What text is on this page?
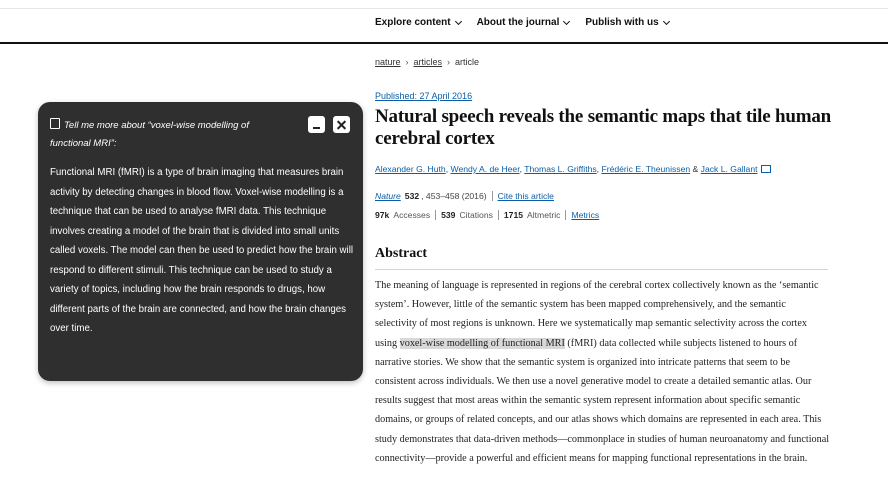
Explore content	About the journal	Publish with us
nature › articles › article
Published: 27 April 2016
Natural speech reveals the semantic maps that tile human cerebral cortex
Alexander G. Huth, Wendy A. de Heer, Thomas L. Griffiths, Frédéric E. Theunissen & Jack L. Gallant
Nature 532 , 453–458 (2016) Cite this article
97k Accesses 539 Citations 1715 Altmetric Metrics
Abstract

The meaning of language is represented in regions of the cerebral cortex collectively known as the ‘semantic system’. However, little of the semantic system has been mapped comprehensively, and the semantic selectivity of most regions is unknown. Here we systematically map semantic selectivity across the cortex using voxel-wise modelling of functional MRI (fMRI) data collected while subjects listened to hours of narrative stories. We show that the semantic system is organized into intricate patterns that seem to be consistent across individuals. We then use a novel generative model to create a detailed semantic atlas. Our results suggest that most areas within the semantic system represent information about specific semantic domains, or groups of related concepts, and our atlas shows which domains are represented in each area. This study demonstrates that data-driven methods—commonplace in studies of human neuroanatomy and functional connectivity—provide a powerful and efficient means for mapping functional representations in the brain.

Tell me more about “voxel-wise modelling of functional MRI”:

Functional MRI (fMRI) is a type of brain imaging that measures brain activity by detecting changes in blood flow. Voxel-wise modelling is a technique that can be used to analyse fMRI data. This technique involves creating a model of the brain that is divided into small units called voxels. The model can then be used to predict how the brain will respond to different stimuli. This technique can be used to study a variety of topics, including how the brain responds to drugs, how different parts of the brain are connected, and how the brain changes over time.
